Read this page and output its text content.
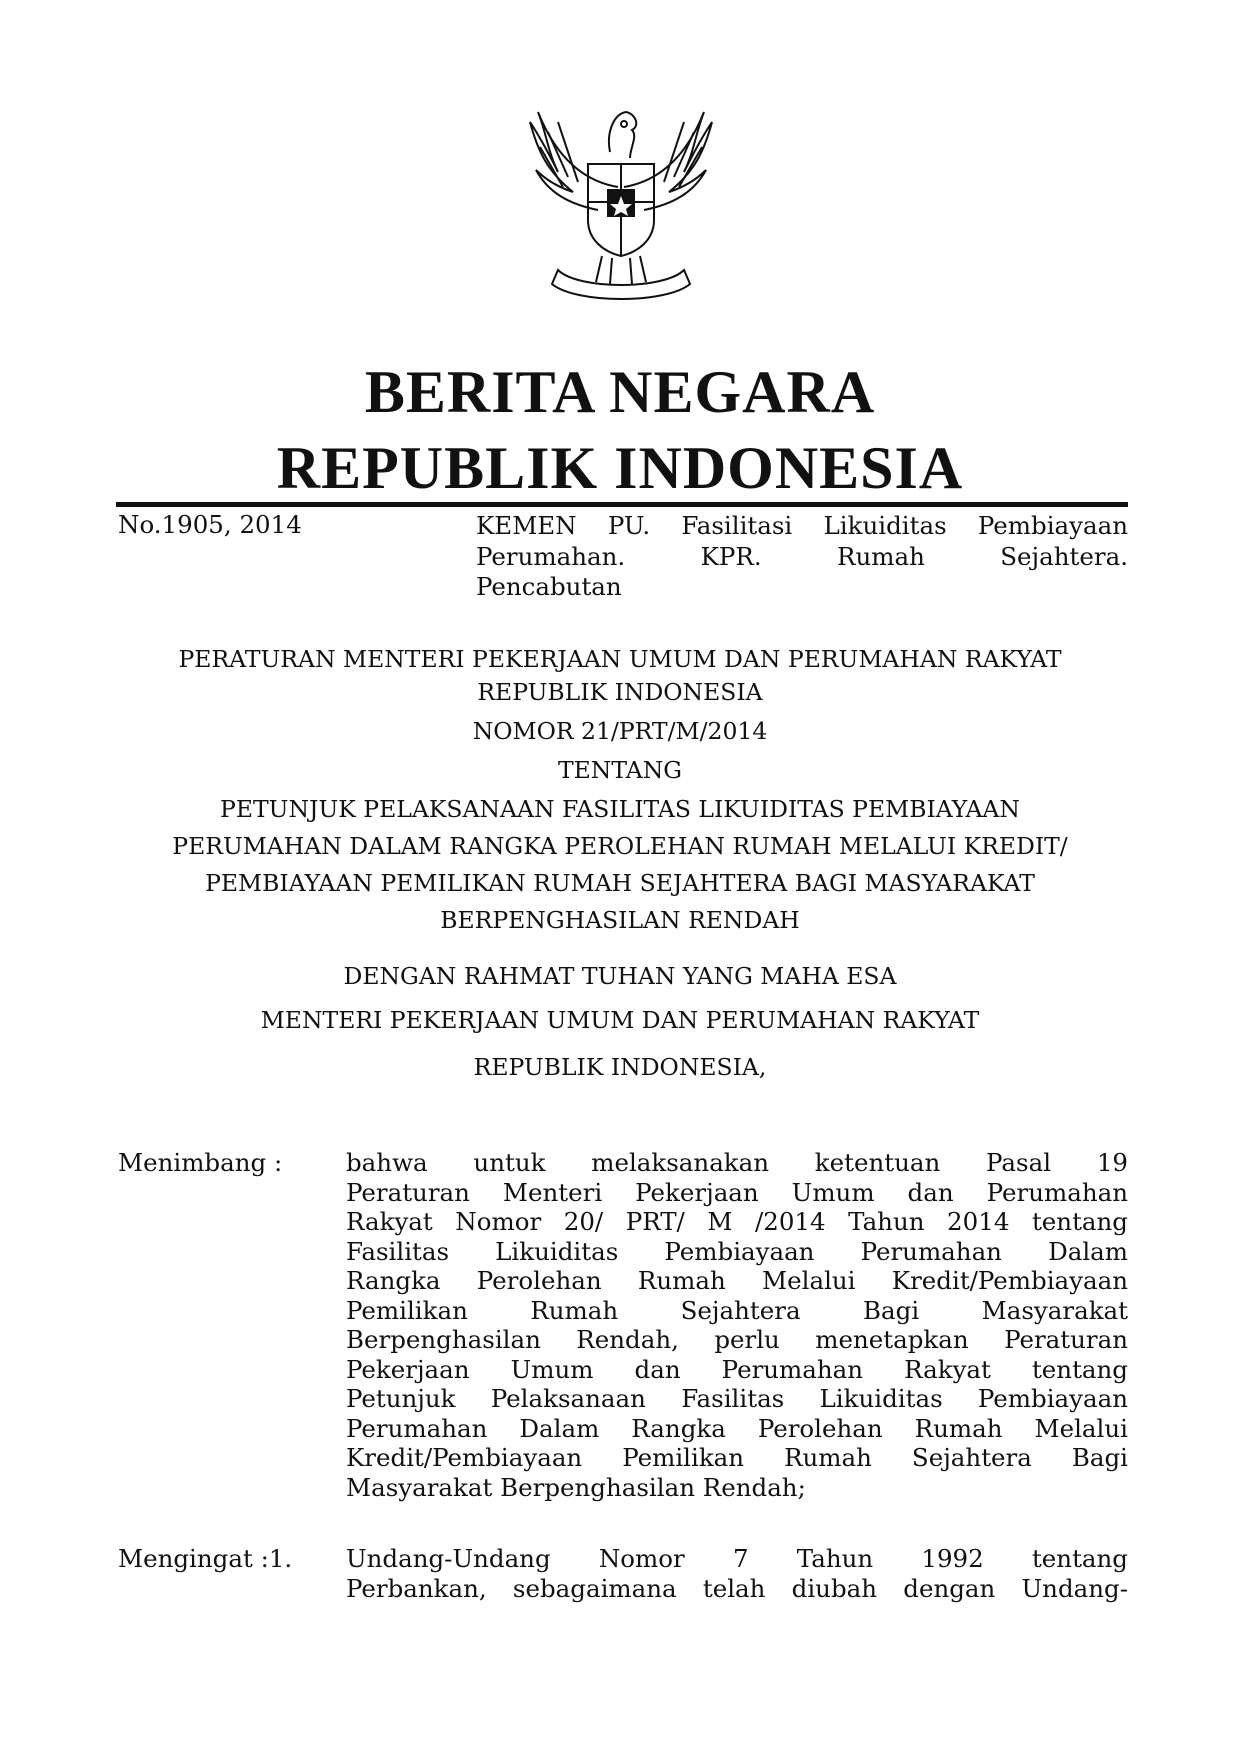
BERITA NEGARA
REPUBLIK INDONESIA
No.1905, 2014	KEMEN PU. Fasilitasi Likuiditas Pembiayaan
Perumahan. KPR. Rumah Sejahtera.
Pencabutan
PERATURAN MENTERI PEKERJAAN UMUM DAN PERUMAHAN RAKYAT
REPUBLIK INDONESIA
NOMOR 21/PRT/M/2014
TENTANG
PETUNJUK PELAKSANAAN FASILITAS LIKUIDITAS PEMBIAYAAN
PERUMAHAN DALAM RANGKA PEROLEHAN RUMAH MELALUI KREDIT/
PEMBIAYAAN PEMILIKAN RUMAH SEJAHTERA BAGI MASYARAKAT
BERPENGHASILAN RENDAH
DENGAN RAHMAT TUHAN YANG MAHA ESA
MENTERI PEKERJAAN UMUM DAN PERUMAHAN RAKYAT
REPUBLIK INDONESIA,
Menimbang :	bahwa untuk melaksanakan ketentuan Pasal 19
Peraturan Menteri Pekerjaan Umum dan Perumahan
Rakyat Nomor 20/ PRT/ M /2014 Tahun 2014 tentang
Fasilitas Likuiditas Pembiayaan Perumahan Dalam
Rangka Perolehan Rumah Melalui Kredit/Pembiayaan
Pemilikan Rumah Sejahtera Bagi Masyarakat
Berpenghasilan Rendah, perlu menetapkan Peraturan
Pekerjaan Umum dan Perumahan Rakyat tentang
Petunjuk Pelaksanaan Fasilitas Likuiditas Pembiayaan
Perumahan Dalam Rangka Perolehan Rumah Melalui
Kredit/Pembiayaan Pemilikan Rumah Sejahtera Bagi
Masyarakat Berpenghasilan Rendah;
Mengingat :1. Undang-Undang Nomor 7 Tahun 1992 tentang
Perbankan, sebagaimana telah diubah dengan Undang-
